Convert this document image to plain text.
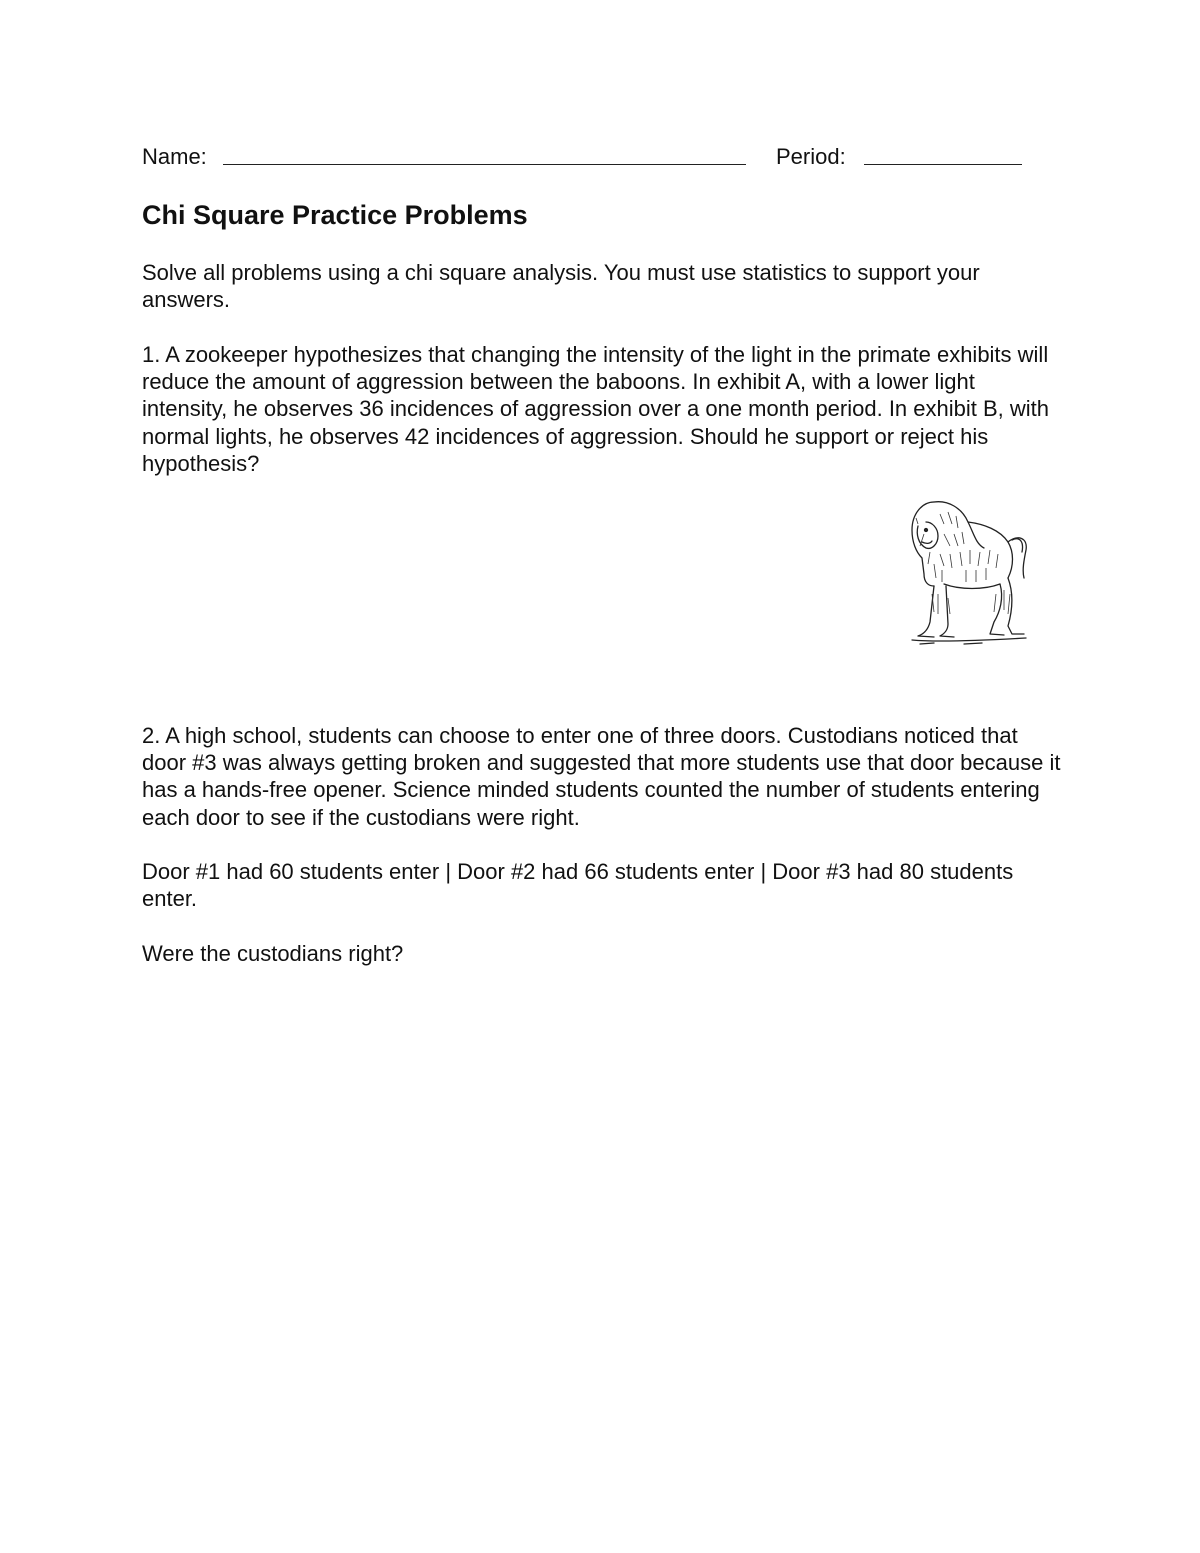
Name:	Period:
Chi Square Practice Problems

Solve all problems using a chi square analysis. You must use statistics to support your answers.

1. A zookeeper hypothesizes that changing the intensity of the light in the primate exhibits will reduce the amount of aggression between the baboons. In exhibit A, with a lower light intensity, he observes 36 incidences of aggression over a one month period. In exhibit B, with normal lights, he observes 42 incidences of aggression. Should he support or reject his hypothesis?

2. A high school, students can choose to enter one of three doors. Custodians noticed that door #3 was always getting broken and suggested that more students use that door because it has a hands-free opener. Science minded students counted the number of students entering each door to see if the custodians were right.

Door #1 had 60 students enter | Door #2 had 66 students enter | Door #3 had 80 students enter.

Were the custodians right?
